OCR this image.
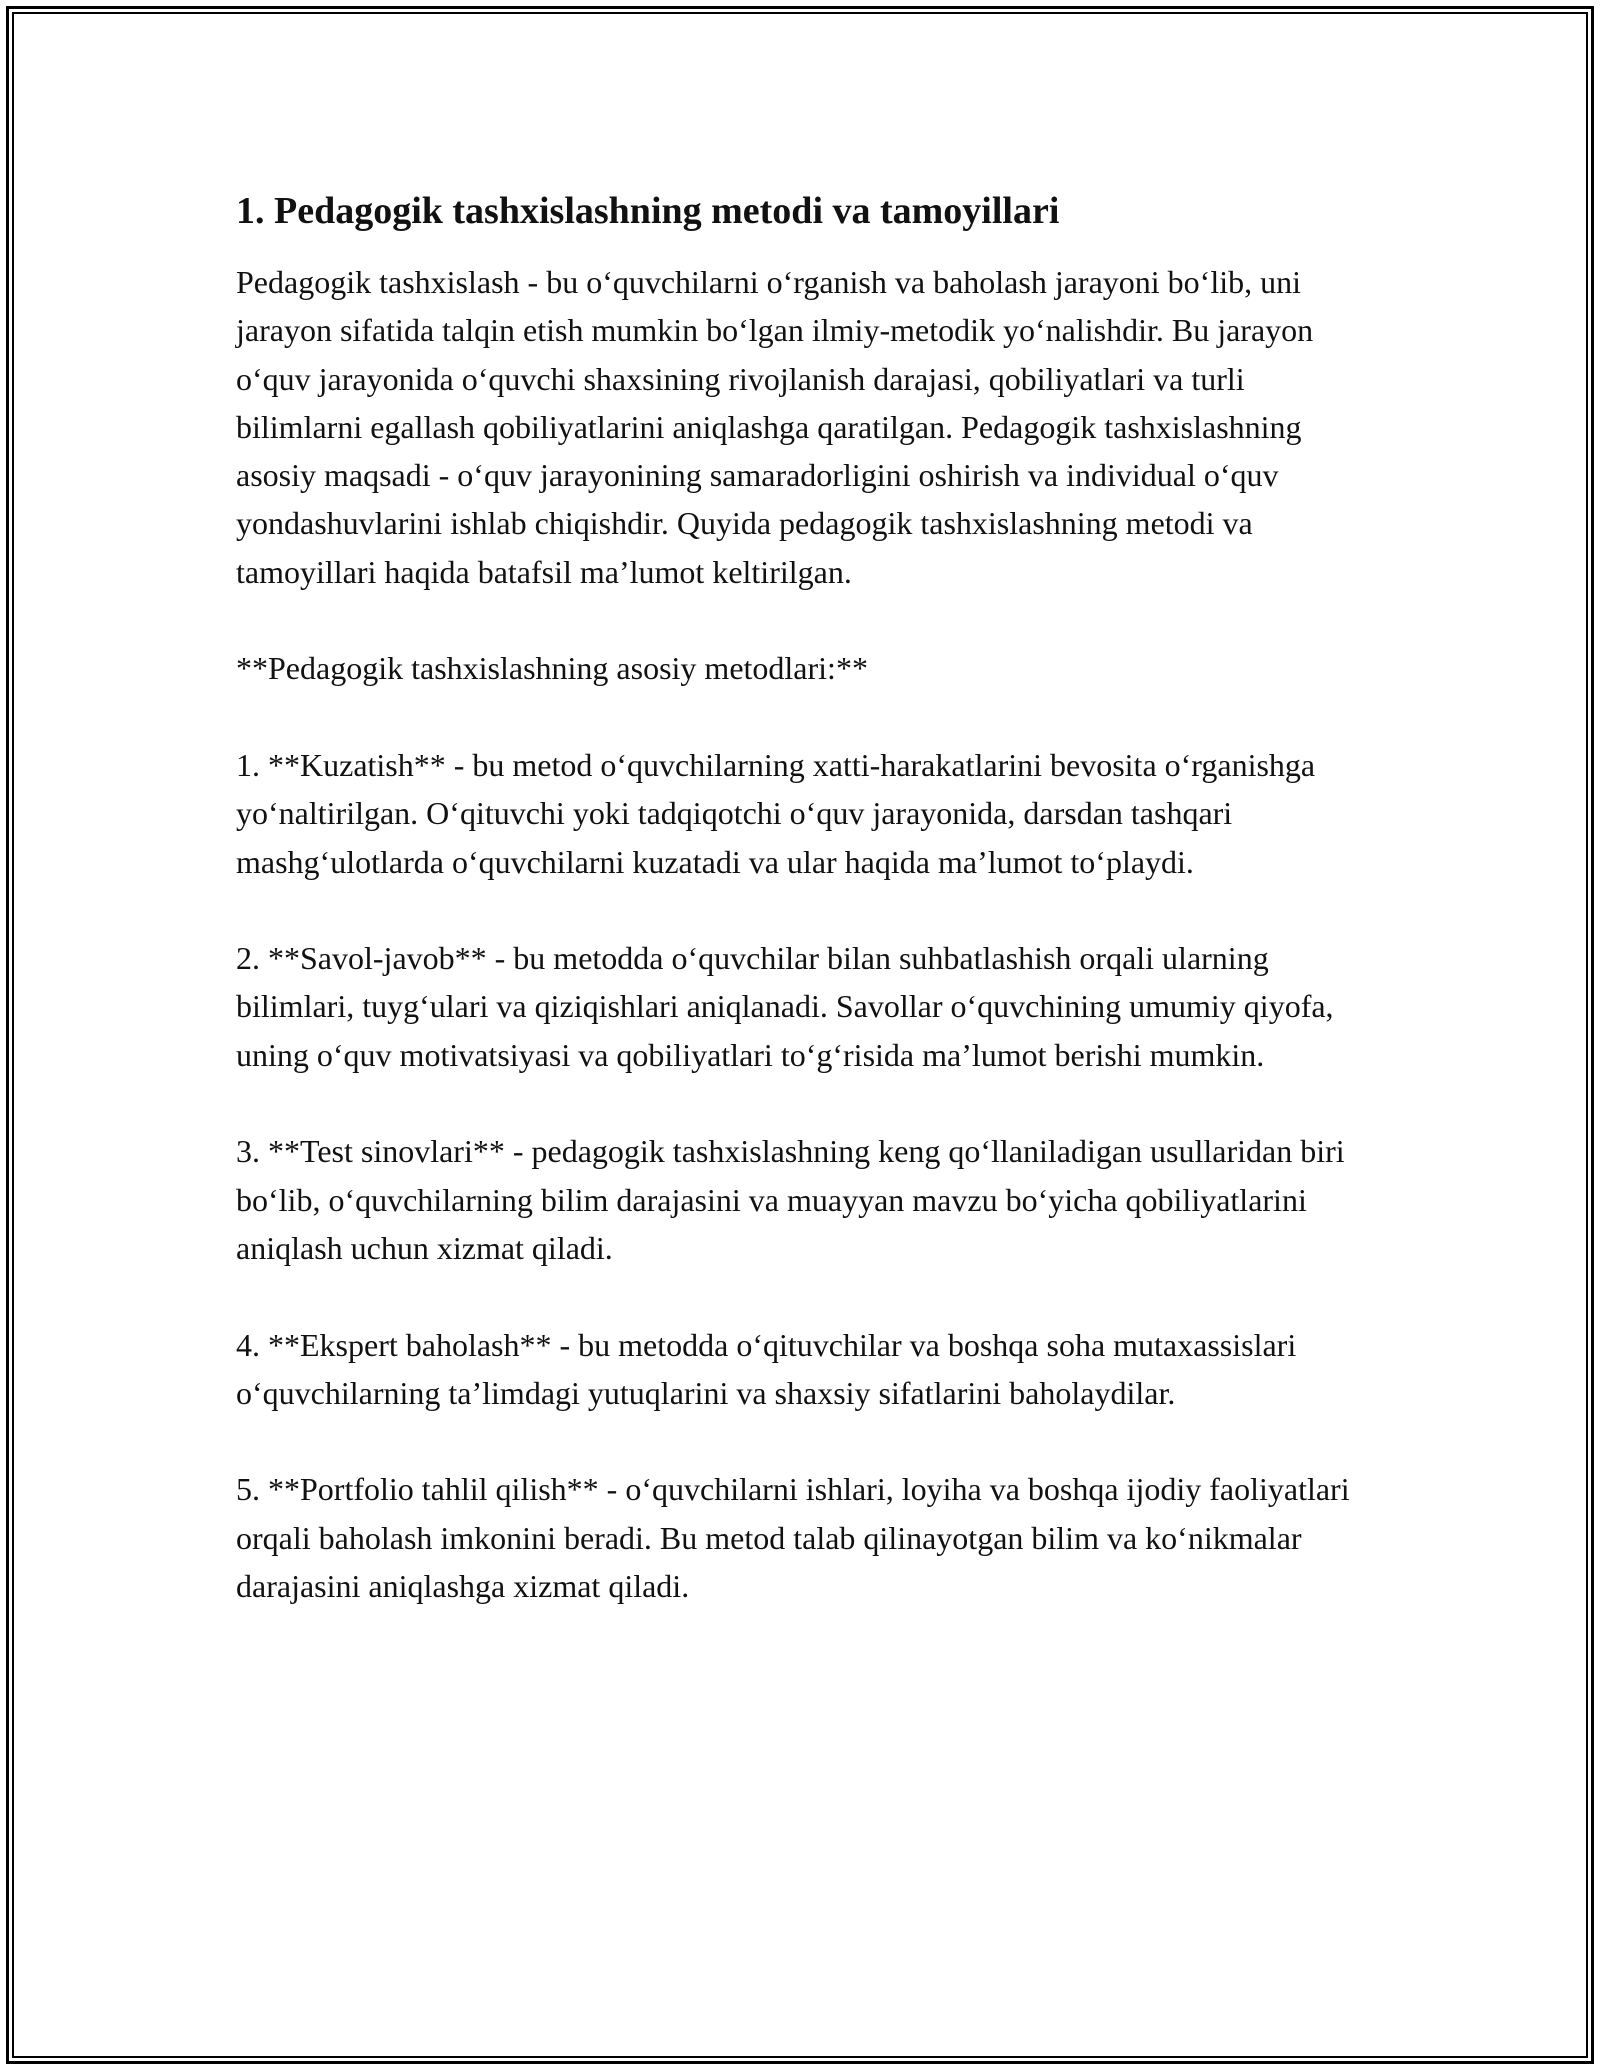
1. Pedagogik tashxislashning metodi va tamoyillari

Pedagogik tashxislash - bu o‘quvchilarni o‘rganish va baholash jarayoni bo‘lib, uni jarayon sifatida talqin etish mumkin bo‘lgan ilmiy-metodik yo‘nalishdir. Bu jarayon o‘quv jarayonida o‘quvchi shaxsining rivojlanish darajasi, qobiliyatlari va turli bilimlarni egallash qobiliyatlarini aniqlashga qaratilgan. Pedagogik tashxislashning asosiy maqsadi - o‘quv jarayonining samaradorligini oshirish va individual o‘quv yondashuvlarini ishlab chiqishdir. Quyida pedagogik tashxislashning metodi va tamoyillari haqida batafsil ma’lumot keltirilgan.

**Pedagogik tashxislashning asosiy metodlari:**

1. **Kuzatish** - bu metod o‘quvchilarning xatti-harakatlarini bevosita o‘rganishga yo‘naltirilgan. O‘qituvchi yoki tadqiqotchi o‘quv jarayonida, darsdan tashqari mashg‘ulotlarda o‘quvchilarni kuzatadi va ular haqida ma’lumot to‘playdi.

2. **Savol-javob** - bu metodda o‘quvchilar bilan suhbatlashish orqali ularning bilimlari, tuyg‘ulari va qiziqishlari aniqlanadi. Savollar o‘quvchining umumiy qiyofa, uning o‘quv motivatsiyasi va qobiliyatlari to‘g‘risida ma’lumot berishi mumkin.

3. **Test sinovlari** - pedagogik tashxislashning keng qo‘llaniladigan usullaridan biri bo‘lib, o‘quvchilarning bilim darajasini va muayyan mavzu bo‘yicha qobiliyatlarini aniqlash uchun xizmat qiladi.

4. **Ekspert baholash** - bu metodda o‘qituvchilar va boshqa soha mutaxassislari o‘quvchilarning ta’limdagi yutuqlarini va shaxsiy sifatlarini baholaydilar.

5. **Portfolio tahlil qilish** - o‘quvchilarni ishlari, loyiha va boshqa ijodiy faoliyatlari orqali baholash imkonini beradi. Bu metod talab qilinayotgan bilim va ko‘nikmalar darajasini aniqlashga xizmat qiladi.
